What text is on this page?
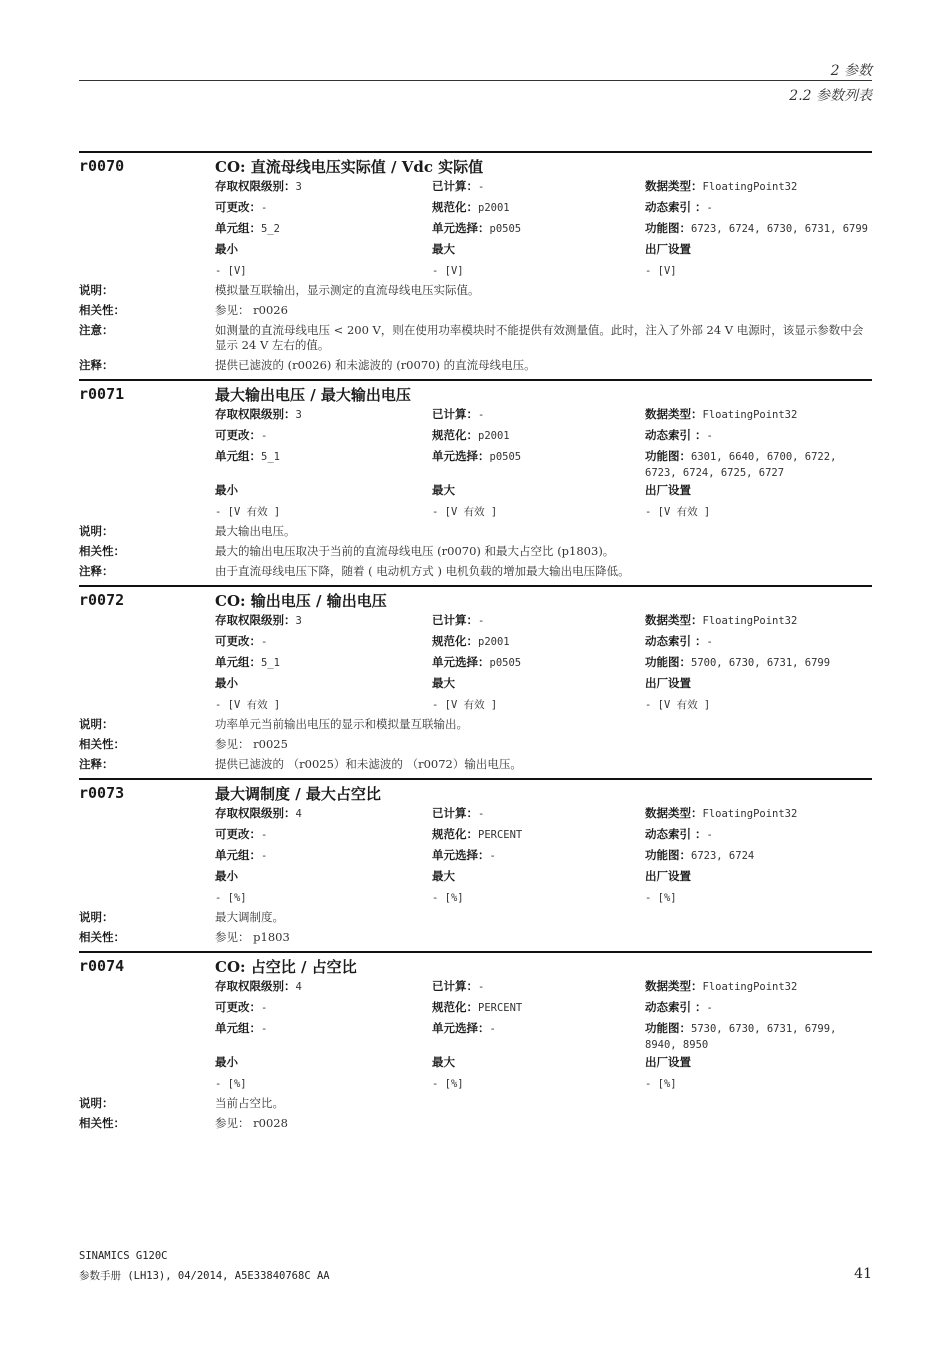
2 参数
2.2 参数列表
r0070	CO: 直流母线电压实际值 / Vdc 实际值
存取权限级别：3	已计算：-	数据类型：FloatingPoint32
可更改：-	规范化：p2001	动态索引 ：-
单元组：5_2	单元选择：p0505	功能图：6723, 6724, 6730, 6731, 6799
最小	最大	出厂设置
- [V]	- [V]	- [V]
说明：	模拟量互联输出，显示测定的直流母线电压实际值。
相关性：	参见： r0026
注意：	如测量的直流母线电压 < 200 V，则在使用功率模块时不能提供有效测量值。此时，注入了外部 24 V 电源时，该显示参数中会显示 24 V 左右的值。
注释：	提供已滤波的 (r0026) 和未滤波的 (r0070) 的直流母线电压。
r0071	最大输出电压 / 最大输出电压
存取权限级别：3	已计算：-	数据类型：FloatingPoint32
可更改：-	规范化：p2001	动态索引 ：-
单元组：5_1	单元选择：p0505	功能图：6301, 6640, 6700, 6722, 6723, 6724, 6725, 6727
最小	最大	出厂设置
- [V 有效 ]	- [V 有效 ]	- [V 有效 ]
说明：	最大输出电压。
相关性：	最大的输出电压取决于当前的直流母线电压 (r0070) 和最大占空比 (p1803)。
注释：	由于直流母线电压下降，随着 ( 电动机方式 ) 电机负载的增加最大输出电压降低。
r0072	CO: 输出电压 / 输出电压
存取权限级别：3	已计算：-	数据类型：FloatingPoint32
可更改：-	规范化：p2001	动态索引 ：-
单元组：5_1	单元选择：p0505	功能图：5700, 6730, 6731, 6799
最小	最大	出厂设置
- [V 有效 ]	- [V 有效 ]	- [V 有效 ]
说明：	功率单元当前输出电压的显示和模拟量互联输出。
相关性：	参见： r0025
注释：	提供已滤波的 （r0025）和未滤波的 （r0072）输出电压。
r0073	最大调制度 / 最大占空比
存取权限级别：4	已计算：-	数据类型：FloatingPoint32
可更改：-	规范化：PERCENT	动态索引 ：-
单元组：-	单元选择：-	功能图：6723, 6724
最小	最大	出厂设置
- [%]	- [%]	- [%]
说明：	最大调制度。
相关性：	参见： p1803
r0074	CO: 占空比 / 占空比
存取权限级别：4	已计算：-	数据类型：FloatingPoint32
可更改：-	规范化：PERCENT	动态索引 ：-
单元组：-	单元选择：-	功能图：5730, 6730, 6731, 6799, 8940, 8950
最小	最大	出厂设置
- [%]	- [%]	- [%]
说明：	当前占空比。
相关性：	参见： r0028
SINAMICS G120C
参数手册 (LH13), 04/2014, A5E33840768C AA	41
